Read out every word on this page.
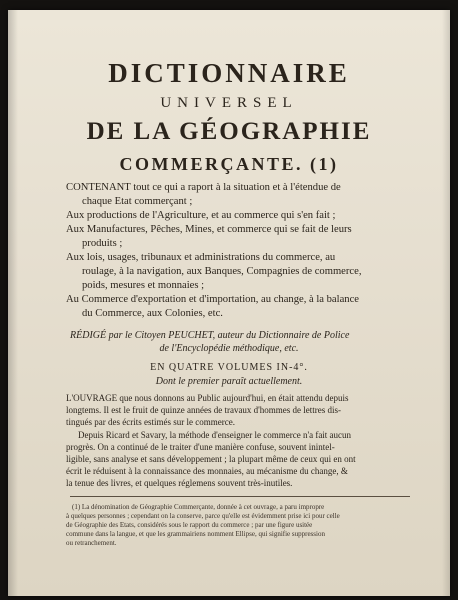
DICTIONNAIRE
UNIVERSEL
DE LA GÉOGRAPHIE
COMMERÇANTE. (1)
CONTENANT tout ce qui a raport à la situation et à l'étendue de
chaque Etat commerçant ;
Aux productions de l'Agriculture, et au commerce qui s'en fait ;
Aux Manufactures, Pêches, Mines, et commerce qui se fait de leurs
produits ;
Aux lois, usages, tribunaux et administrations du commerce, au
roulage, à la navigation, aux Banques, Compagnies de commerce,
poids, mesures et monnaies ;
Au Commerce d'exportation et d'importation, au change, à la balance
du Commerce, aux Colonies, etc.
RÉDIGÉ par le Citoyen PEUCHET, auteur du Dictionnaire de Police
de l'Encyclopédie méthodique, etc.
EN QUATRE VOLUMES IN-4°.
Dont le premier paraît actuellement.
L'OUVRAGE que nous donnons au Public aujourd'hui, en était attendu depuis
longtems. Il est le fruit de quinze années de travaux d'hommes de lettres dis-
tingués par des écrits estimés sur le commerce.
Depuis Ricard et Savary, la méthode d'enseigner le commerce n'a fait aucun
progrès. On a continué de le traiter d'une manière confuse, souvent inintel-
ligible, sans analyse et sans développement ; la plupart même de ceux qui en ont
écrit le réduisent à la connaissance des monnaies, au mécanisme du change, &
la tenue des livres, et quelques réglemens souvent très-inutiles.
(1) La dénomination de Géographie Commerçante, donnée à cet ouvrage, a paru impropre
à quelques personnes ; cependant on la conserve, parce qu'elle est évidemment prise ici pour celle
de Géographie des Etats, considérés sous le rapport du commerce ; par une figure usitée
commune dans la langue, et que les grammairiens nomment Ellipse, qui signifie suppression
ou retranchement.
